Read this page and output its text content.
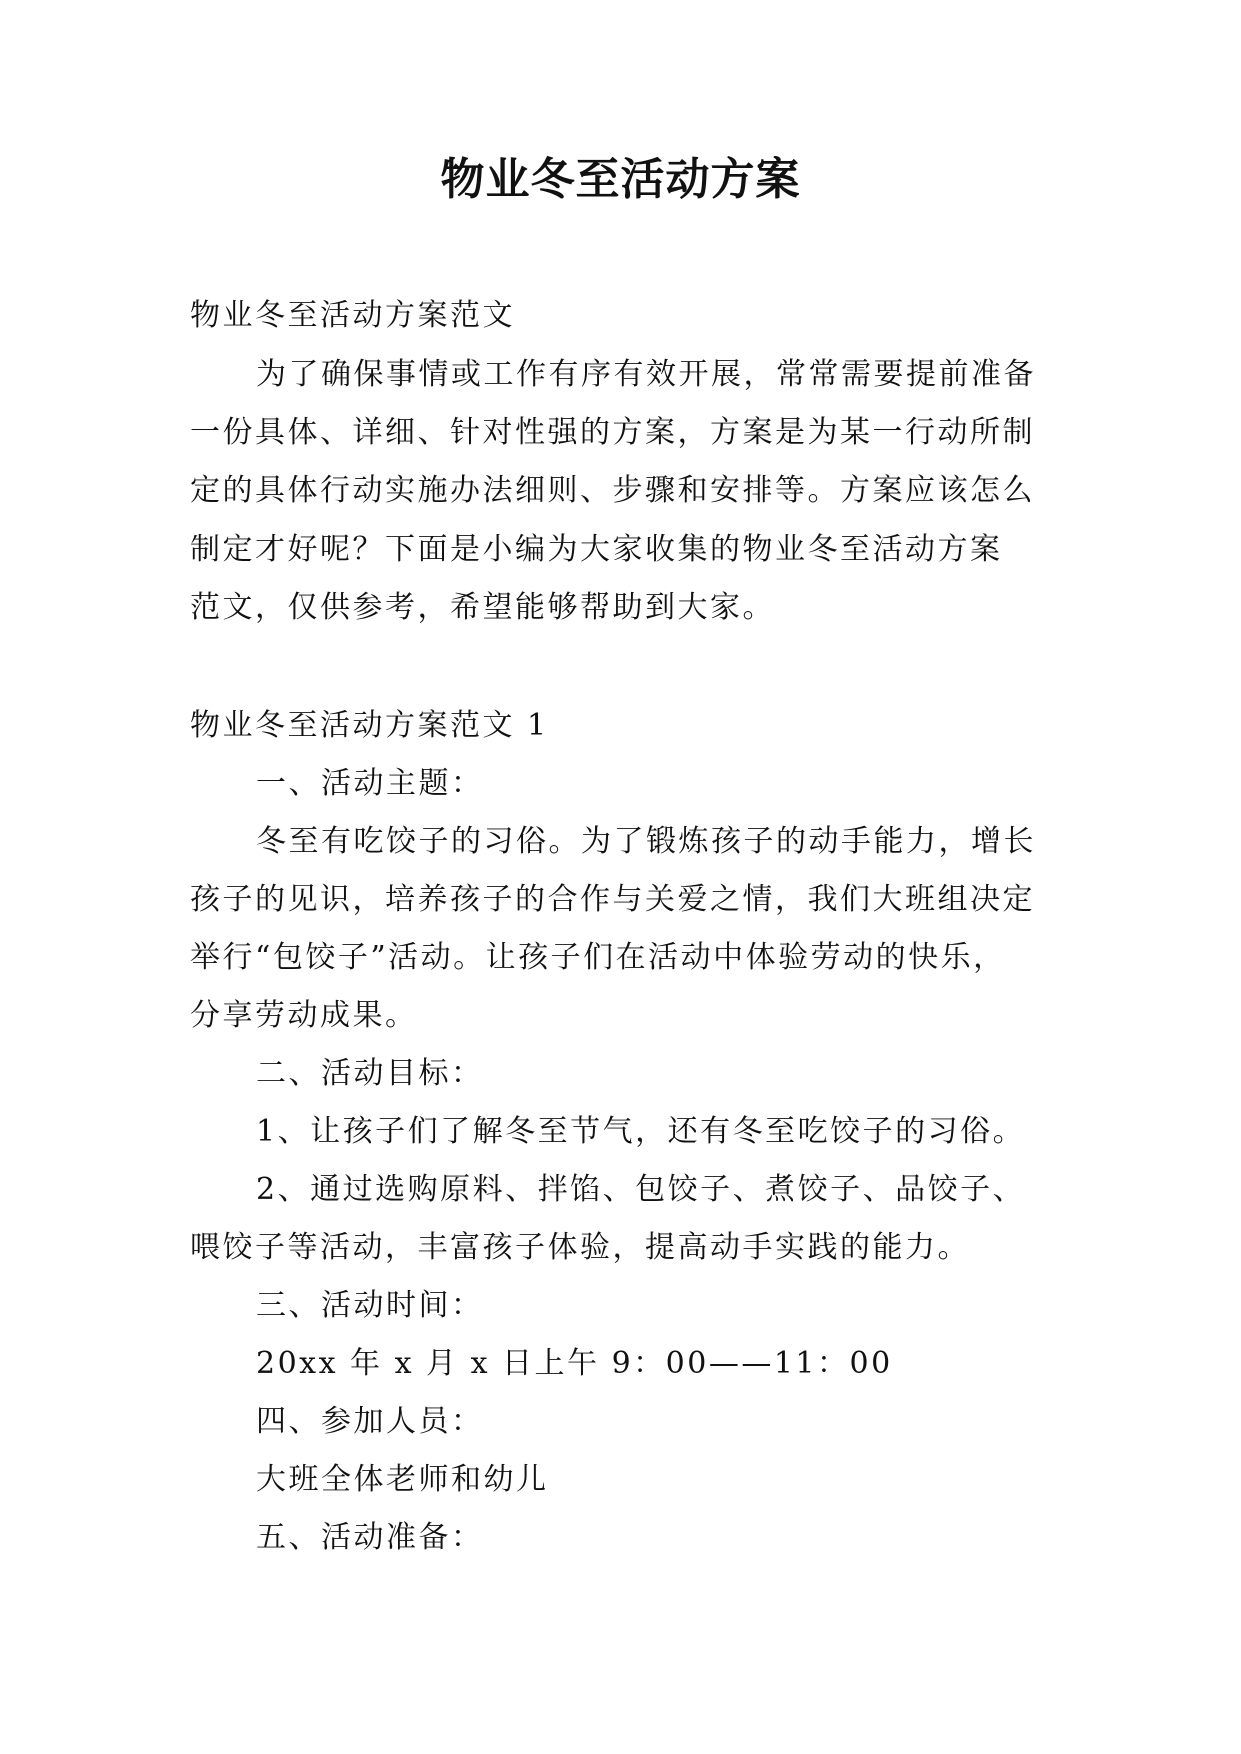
物业冬至活动方案
物业冬至活动方案范文
为了确保事情或工作有序有效开展，常常需要提前准备
一份具体、详细、针对性强的方案，方案是为某一行动所制
定的具体行动实施办法细则、步骤和安排等。方案应该怎么
制定才好呢？下面是小编为大家收集的物业冬至活动方案
范文，仅供参考，希望能够帮助到大家。
物业冬至活动方案范文 1
一、活动主题：
冬至有吃饺子的习俗。为了锻炼孩子的动手能力，增长
孩子的见识，培养孩子的合作与关爱之情，我们大班组决定
举行“包饺子”活动。让孩子们在活动中体验劳动的快乐，
分享劳动成果。
二、活动目标：
1、让孩子们了解冬至节气，还有冬至吃饺子的习俗。
2、通过选购原料、拌馅、包饺子、煮饺子、品饺子、
喂饺子等活动，丰富孩子体验，提高动手实践的能力。
三、活动时间：
20xx 年 x 月 x 日上午 9：00——11：00
四、参加人员：
大班全体老师和幼儿
五、活动准备：
